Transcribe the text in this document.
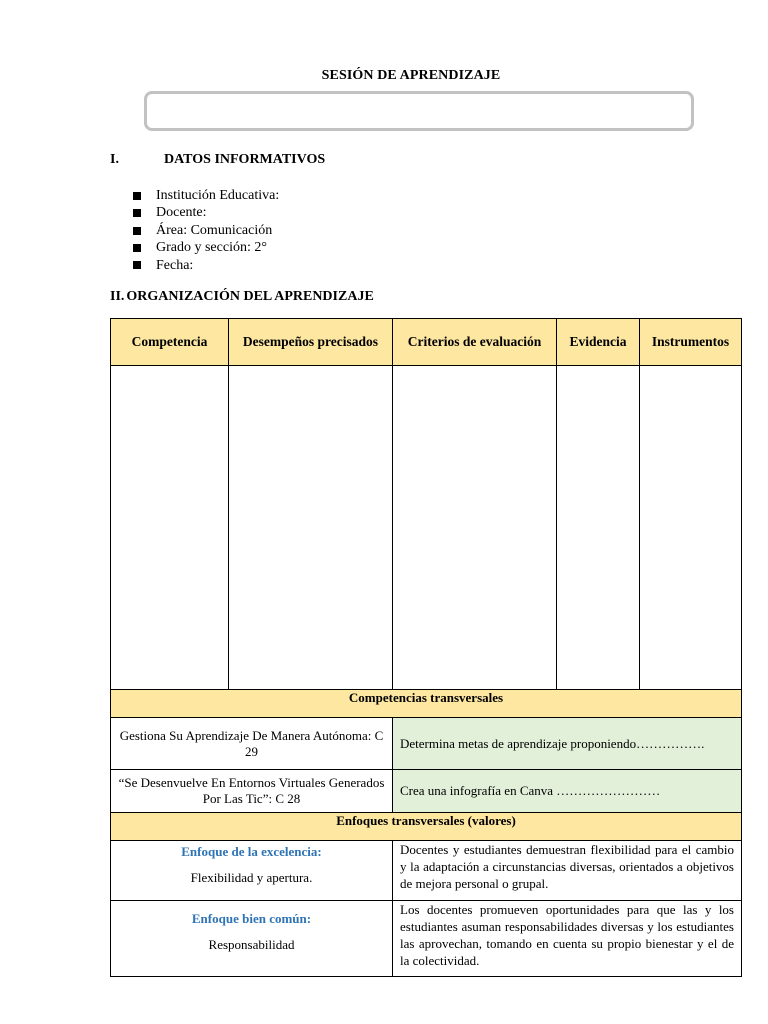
SESIÓN DE APRENDIZAJE
I.	DATOS INFORMATIVOS
Institución Educativa:
Docente:
Área: Comunicación
Grado y sección: 2°
Fecha:
II. ORGANIZACIÓN DEL APRENDIZAJE
Competencia	Desempeños precisados	Criterios de evaluación	Evidencia	Instrumentos

Competencias transversales				
Gestiona Su Aprendizaje De Manera Autónoma: C 29		Determina metas de aprendizaje proponiendo…………….		
“Se Desenvuelve En Entornos Virtuales Generados Por Las Tic”: C 28		Crea una infografía en Canva ……………………		
Enfoques transversales (valores)				

Enfoque de la excelencia:
Flexibilidad y apertura.		Docentes y estudiantes demuestran flexibilidad para el cambio y la adaptación a circunstancias diversas, orientados a objetivos de mejora personal o grupal.		

Enfoque bien común:
Responsabilidad		Los docentes promueven oportunidades para que las y los estudiantes asuman responsabilidades diversas y los estudiantes las aprovechan, tomando en cuenta su propio bienestar y el de la colectividad.		
